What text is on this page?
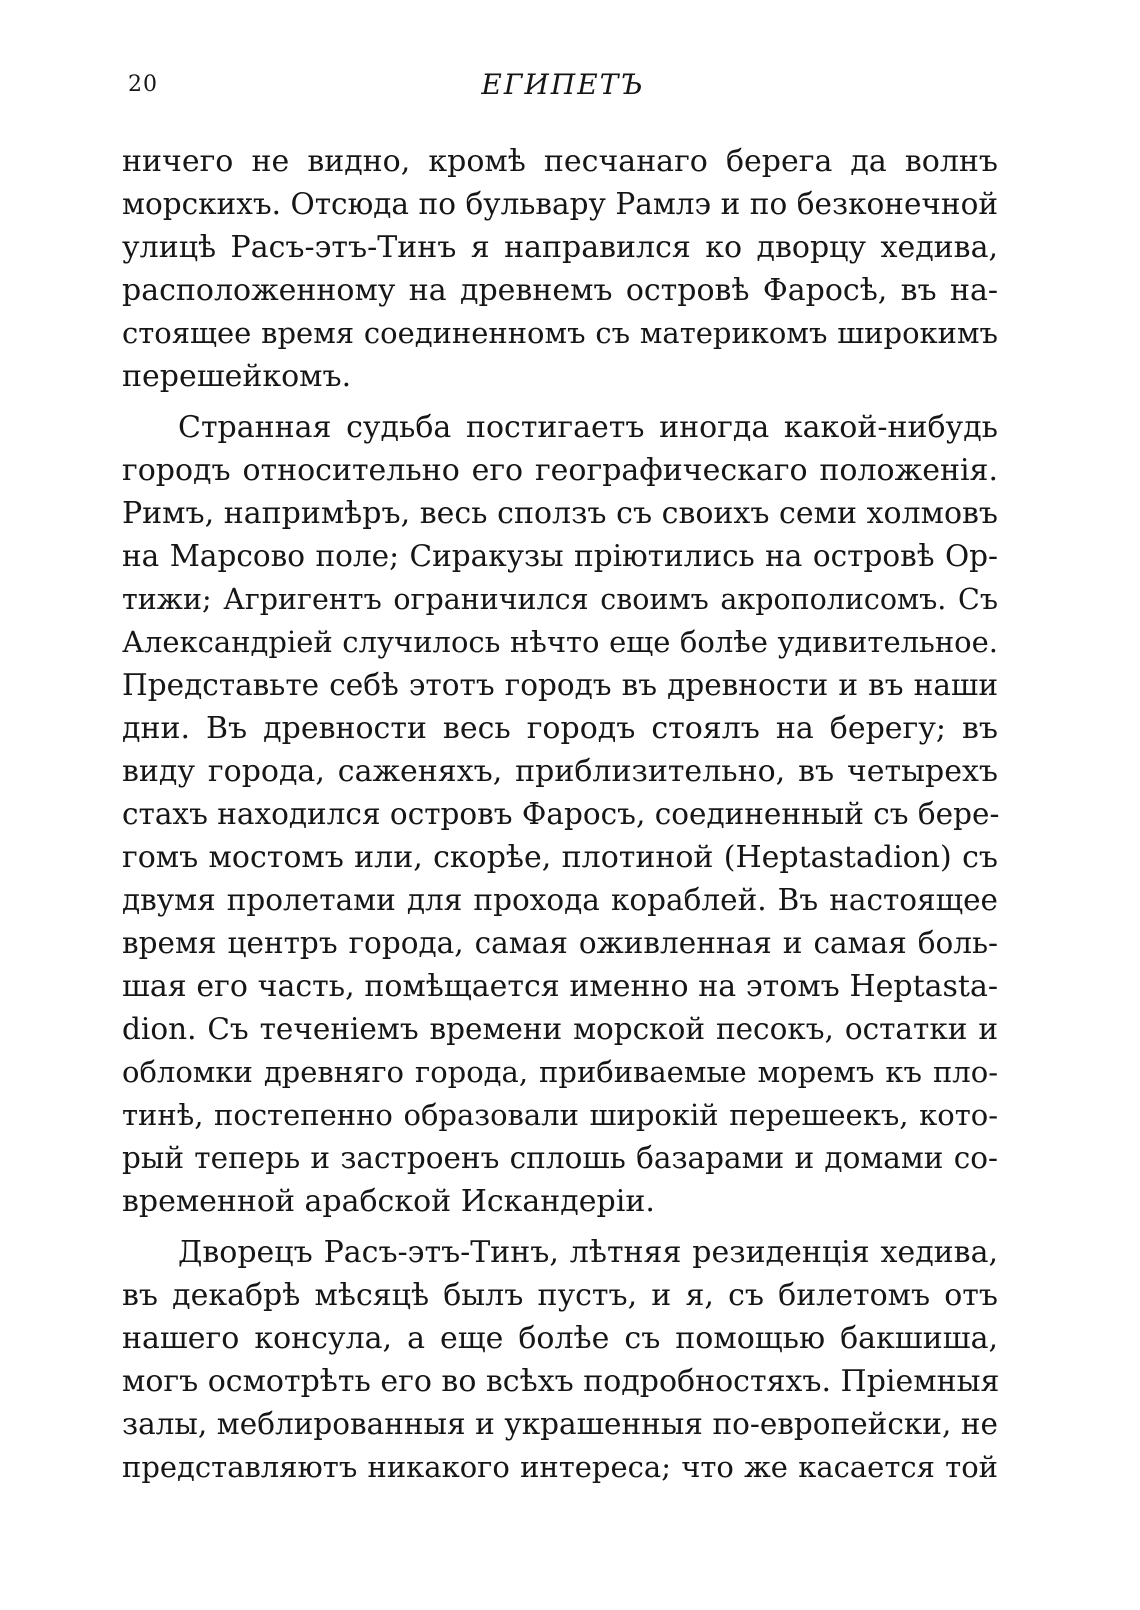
20	ЕГИПЕТЪ
ничего не видно, кромѣ песчанаго берега да волнъ
морскихъ. Отсюда по бульвару Рамлэ и по безконечной
улицѣ Расъ-этъ-Тинъ я направился ко дворцу хедива,
расположенному на древнемъ островѣ Фаросѣ, въ на-
стоящее время соединенномъ съ материкомъ широкимъ
перешейкомъ.
Странная судьба постигаетъ иногда какой-нибудь
городъ относительно его географическаго положенія.
Римъ, напримѣръ, весь сползъ съ своихъ семи холмовъ
на Марсово поле; Сиракузы пріютились на островѣ Ор-
тижи; Агригентъ ограничился своимъ акрополисомъ. Съ
Александріей случилось нѣчто еще болѣе удивительное.
Представьте себѣ этотъ городъ въ древности и въ наши
дни. Въ древности весь городъ стоялъ на берегу; въ
виду города, саженяхъ, приблизительно, въ четырехъ
стахъ находился островъ Фаросъ, соединенный съ бере-
гомъ мостомъ или, скорѣе, плотиной (Heptastadion) съ
двумя пролетами для прохода кораблей. Въ настоящее
время центръ города, самая оживленная и самая боль-
шая его часть, помѣщается именно на этомъ Heptasta-
dion. Съ теченіемъ времени морской песокъ, остатки и
обломки древняго города, прибиваемые моремъ къ пло-
тинѣ, постепенно образовали широкій перешеекъ, кото-
рый теперь и застроенъ сплошь базарами и домами со-
временной арабской Искандеріи.
Дворецъ Расъ-этъ-Тинъ, лѣтняя резиденція хедива,
въ декабрѣ мѣсяцѣ былъ пустъ, и я, съ билетомъ отъ
нашего консула, а еще болѣе съ помощью бакшиша,
могъ осмотрѣть его во всѣхъ подробностяхъ. Пріемныя
залы, меблированныя и украшенныя по-европейски, не
представляютъ никакого интереса; что же касается той
